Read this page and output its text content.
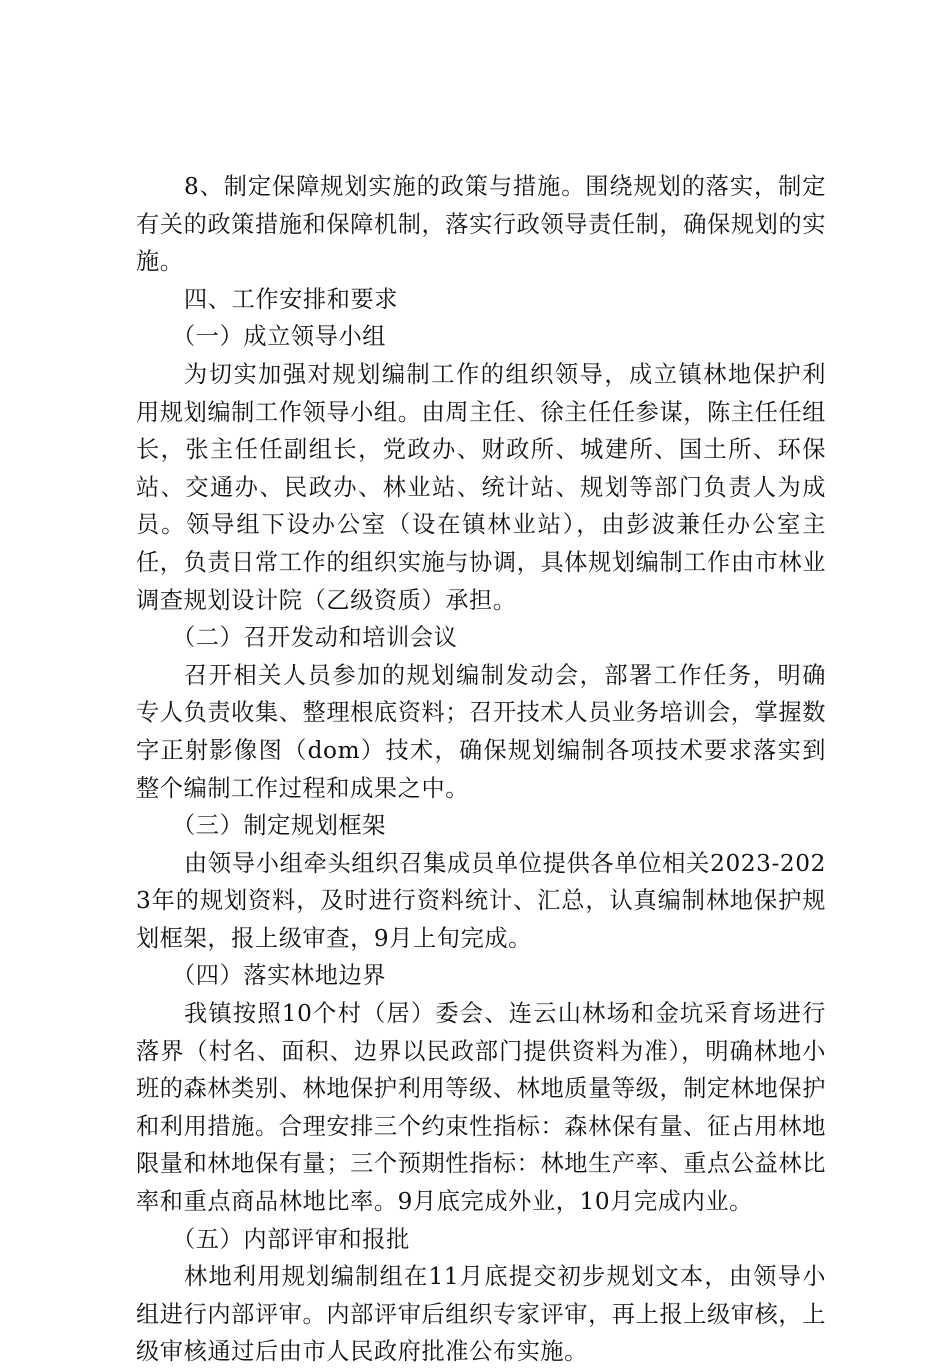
8、制定保障规划实施的政策与措施。围绕规划的落实，制定有关的政策措施和保障机制，落实行政领导责任制，确保规划的实施。

四、工作安排和要求

（一）成立领导小组

为切实加强对规划编制工作的组织领导，成立镇林地保护利用规划编制工作领导小组。由周主任、徐主任任参谋，陈主任任组长，张主任任副组长，党政办、财政所、城建所、国土所、环保站、交通办、民政办、林业站、统计站、规划等部门负责人为成员。领导组下设办公室（设在镇林业站），由彭波兼任办公室主任，负责日常工作的组织实施与协调，具体规划编制工作由市林业调查规划设计院（乙级资质）承担。

（二）召开发动和培训会议

召开相关人员参加的规划编制发动会，部署工作任务，明确专人负责收集、整理根底资料；召开技术人员业务培训会，掌握数字正射影像图（dom）技术，确保规划编制各项技术要求落实到整个编制工作过程和成果之中。

（三）制定规划框架

由领导小组牵头组织召集成员单位提供各单位相关2023-2023年的规划资料，及时进行资料统计、汇总，认真编制林地保护规划框架，报上级审查，9月上旬完成。

（四）落实林地边界

我镇按照10个村（居）委会、连云山林场和金坑采育场进行落界（村名、面积、边界以民政部门提供资料为准），明确林地小班的森林类别、林地保护利用等级、林地质量等级，制定林地保护和利用措施。合理安排三个约束性指标：森林保有量、征占用林地限量和林地保有量；三个预期性指标：林地生产率、重点公益林比率和重点商品林地比率。9月底完成外业，10月完成内业。

（五）内部评审和报批

林地利用规划编制组在11月底提交初步规划文本，由领导小组进行内部评审。内部评审后组织专家评审，再上报上级审核，上级审核通过后由市人民政府批准公布实施。
